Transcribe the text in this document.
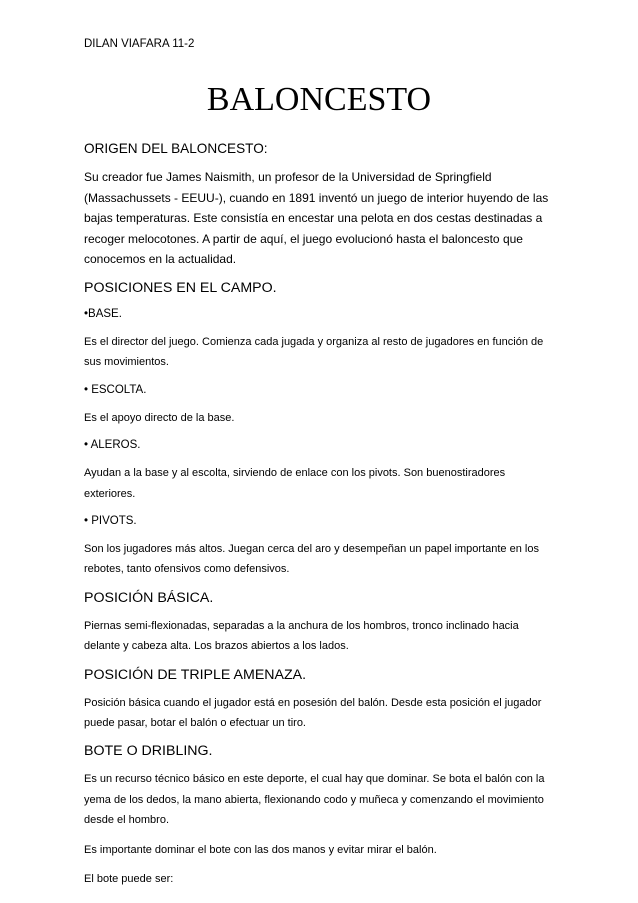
DILAN VIAFARA 11-2
BALONCESTO
ORIGEN DEL BALONCESTO:
Su creador fue James Naismith, un profesor de la Universidad de Springfield (Massachussets - EEUU-), cuando en 1891 inventó un juego de interior huyendo de las bajas temperaturas. Este consistía en encestar una pelota en dos cestas destinadas a recoger melocotones. A partir de aquí, el juego evolucionó hasta el baloncesto que conocemos en la actualidad.
POSICIONES EN EL CAMPO.
•BASE.
Es el director del juego. Comienza cada jugada y organiza al resto de jugadores en función de sus movimientos.
• ESCOLTA.
Es el apoyo directo de la base.
• ALEROS.
Ayudan a la base y al escolta, sirviendo de enlace con los pivots. Son buenostiradores exteriores.
• PIVOTS.
Son los jugadores más altos. Juegan cerca del aro y desempeñan un papel importante en los rebotes, tanto ofensivos como defensivos.
POSICIÓN BÁSICA.
Piernas semi-flexionadas, separadas a la anchura de los hombros, tronco inclinado hacia delante y cabeza alta. Los brazos abiertos a los lados.
POSICIÓN DE TRIPLE AMENAZA.
Posición básica cuando el jugador está en posesión del balón. Desde esta posición el jugador puede pasar, botar el balón o efectuar un tiro.
BOTE O DRIBLING.
Es un recurso técnico básico en este deporte, el cual hay que dominar. Se bota el balón con la yema de los dedos, la mano abierta, flexionando codo y muñeca y comenzando el movimiento desde el hombro.
Es importante dominar el bote con las dos manos y evitar mirar el balón.
El bote puede ser:
